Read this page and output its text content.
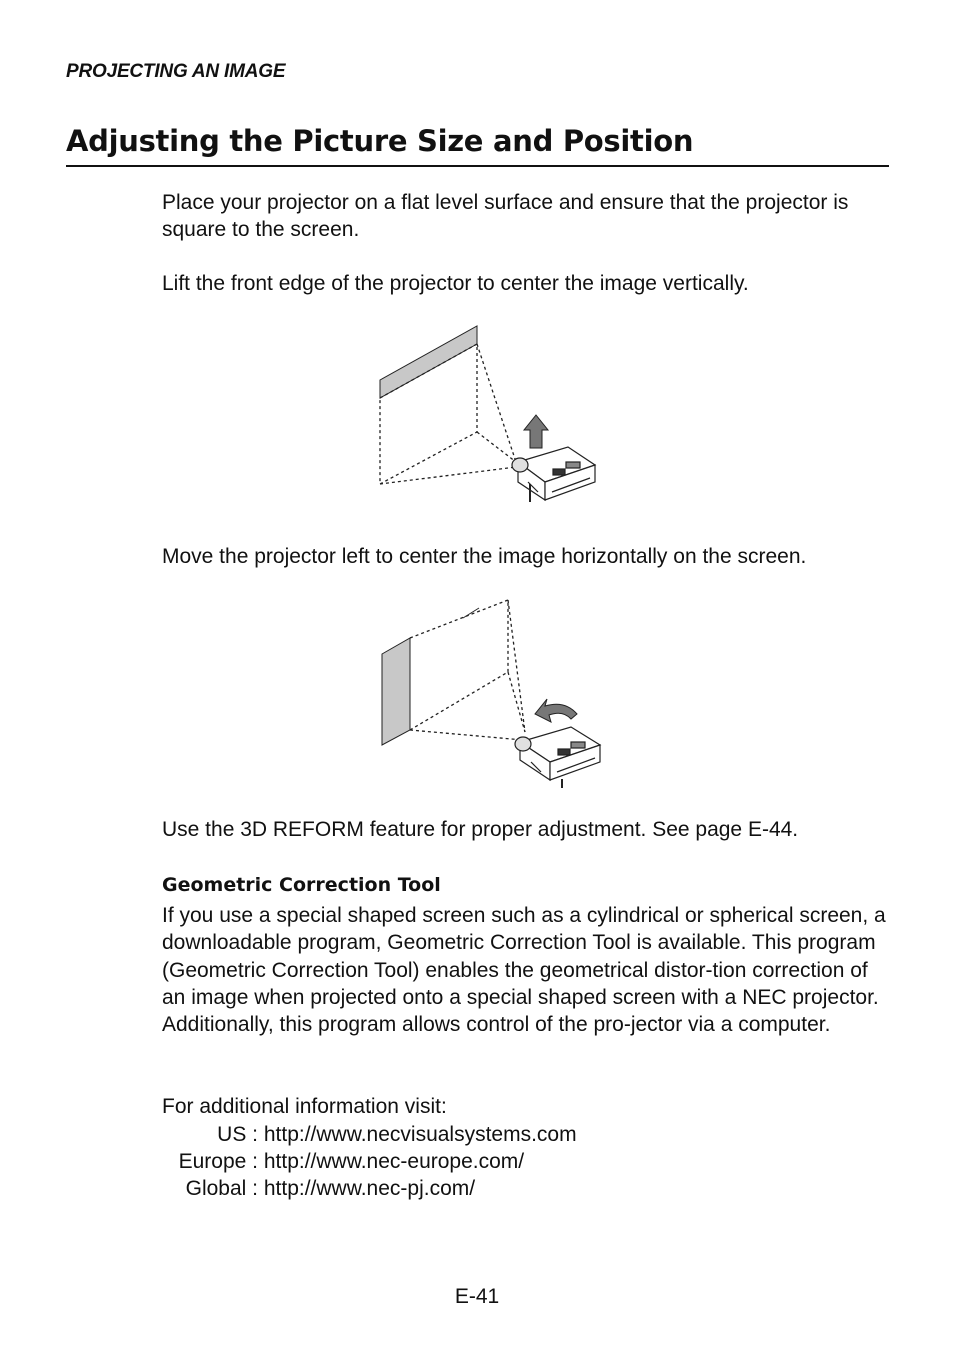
PROJECTING AN IMAGE
Adjusting the Picture Size and Position
Place your projector on a flat level surface and ensure that the projector is square to the screen.
Lift the front edge of the projector to center the image vertically.
Move the projector left to center the image horizontally on the screen.
Use the 3D REFORM feature for proper adjustment. See page E-44.
Geometric Correction Tool
If you use a special shaped screen such as a cylindrical or spherical screen, a downloadable program, Geometric Correction Tool is available. This program (Geometric Correction Tool) enables the geometrical distor-tion correction of an image when projected onto a special shaped screen with a NEC projector. Additionally, this program allows control of the pro-jector via a computer.
For additional information visit:
US : http://www.necvisualsystems.com
Europe : http://www.nec-europe.com/
Global : http://www.nec-pj.com/
E-41
